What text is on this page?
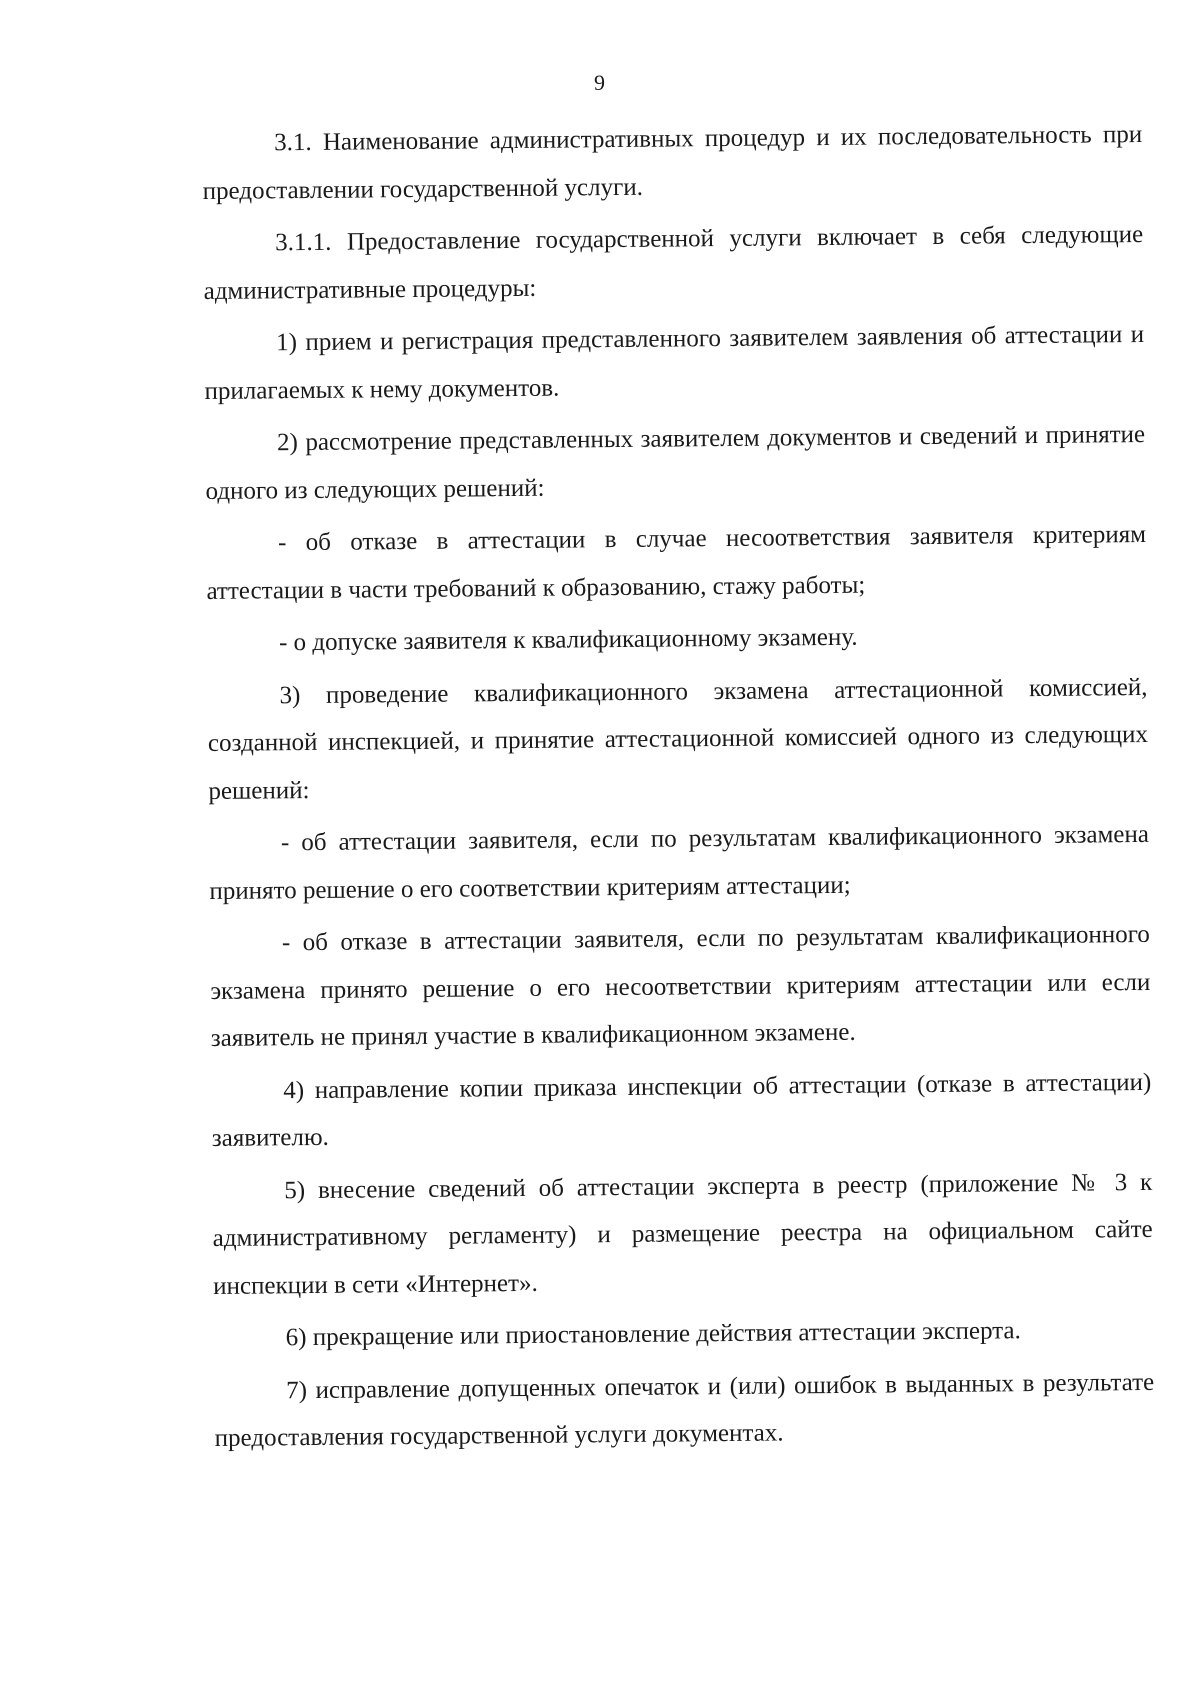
9

3.1. Наименование административных процедур и их последовательность при предоставлении государственной услуги.

3.1.1. Предоставление государственной услуги включает в себя следующие административные процедуры:

1) прием и регистрация представленного заявителем заявления об аттестации и прилагаемых к нему документов.

2) рассмотрение представленных заявителем документов и сведений и принятие одного из следующих решений:

- об отказе в аттестации в случае несоответствия заявителя критериям аттестации в части требований к образованию, стажу работы;

- о допуске заявителя к квалификационному экзамену.

3) проведение квалификационного экзамена аттестационной комиссией, созданной инспекцией, и принятие аттестационной комиссией одного из следующих решений:

- об аттестации заявителя, если по результатам квалификационного экзамена принято решение о его соответствии критериям аттестации;

- об отказе в аттестации заявителя, если по результатам квалификационного экзамена принято решение о его несоответствии критериям аттестации или если заявитель не принял участие в квалификационном экзамене.

4) направление копии приказа инспекции об аттестации (отказе в аттестации) заявителю.

5) внесение сведений об аттестации эксперта в реестр (приложение № 3 к административному регламенту) и размещение реестра на официальном сайте инспекции в сети «Интернет».

6) прекращение или приостановление действия аттестации эксперта.

7) исправление допущенных опечаток и (или) ошибок в выданных в результате предоставления государственной услуги документах.
